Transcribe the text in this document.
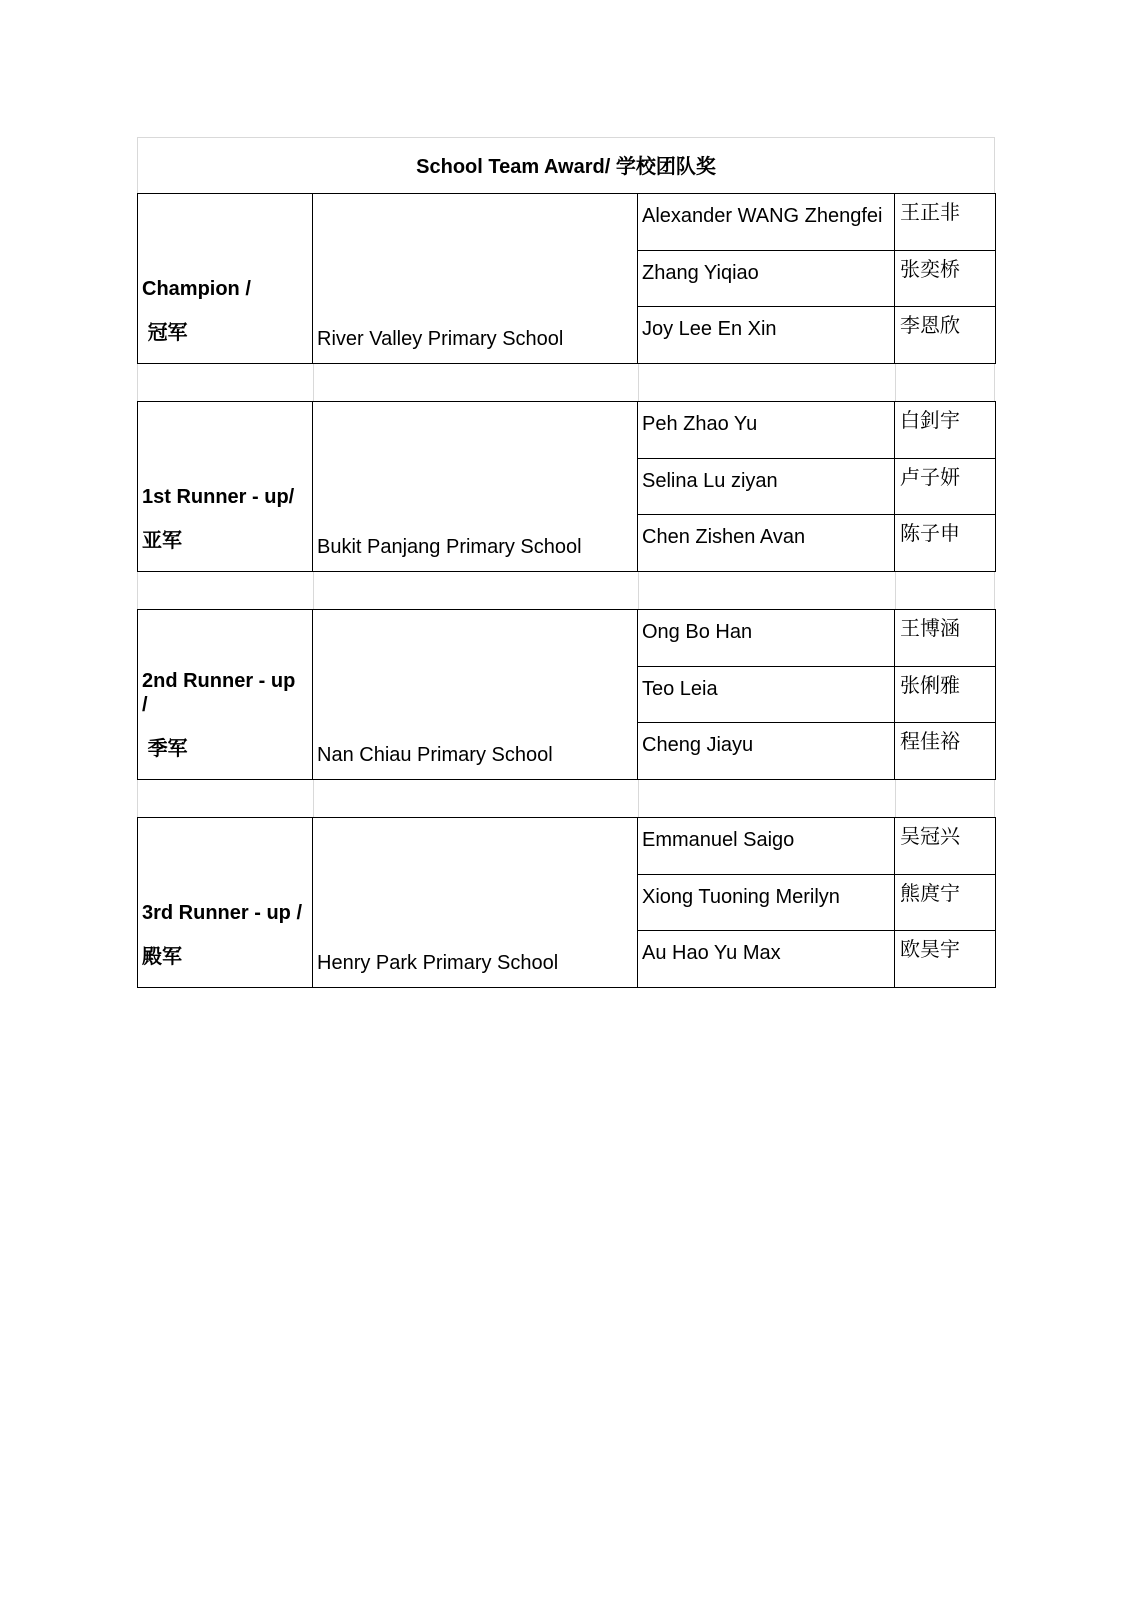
School Team Award/ 学校团队奖
Champion /
冠军	River Valley Primary School	Alexander WANG Zhengfei	王正非
		Zhang Yiqiao	张奕桥
		Joy Lee En Xin	李恩欣
1st Runner - up/
亚军	Bukit Panjang Primary School	Peh Zhao Yu	白釗宇
		Selina Lu ziyan	卢子妍
		Chen Zishen Avan	陈子申
2nd Runner - up
/
季军	Nan Chiau Primary School	Ong Bo Han	王博涵
		Teo Leia	张俐雅
		Cheng Jiayu	程佳裕
3rd Runner - up /
殿军	Henry Park Primary School	Emmanuel Saigo	吴冠兴
		Xiong Tuoning Merilyn	熊庹宁
		Au Hao Yu Max	欧昊宇
